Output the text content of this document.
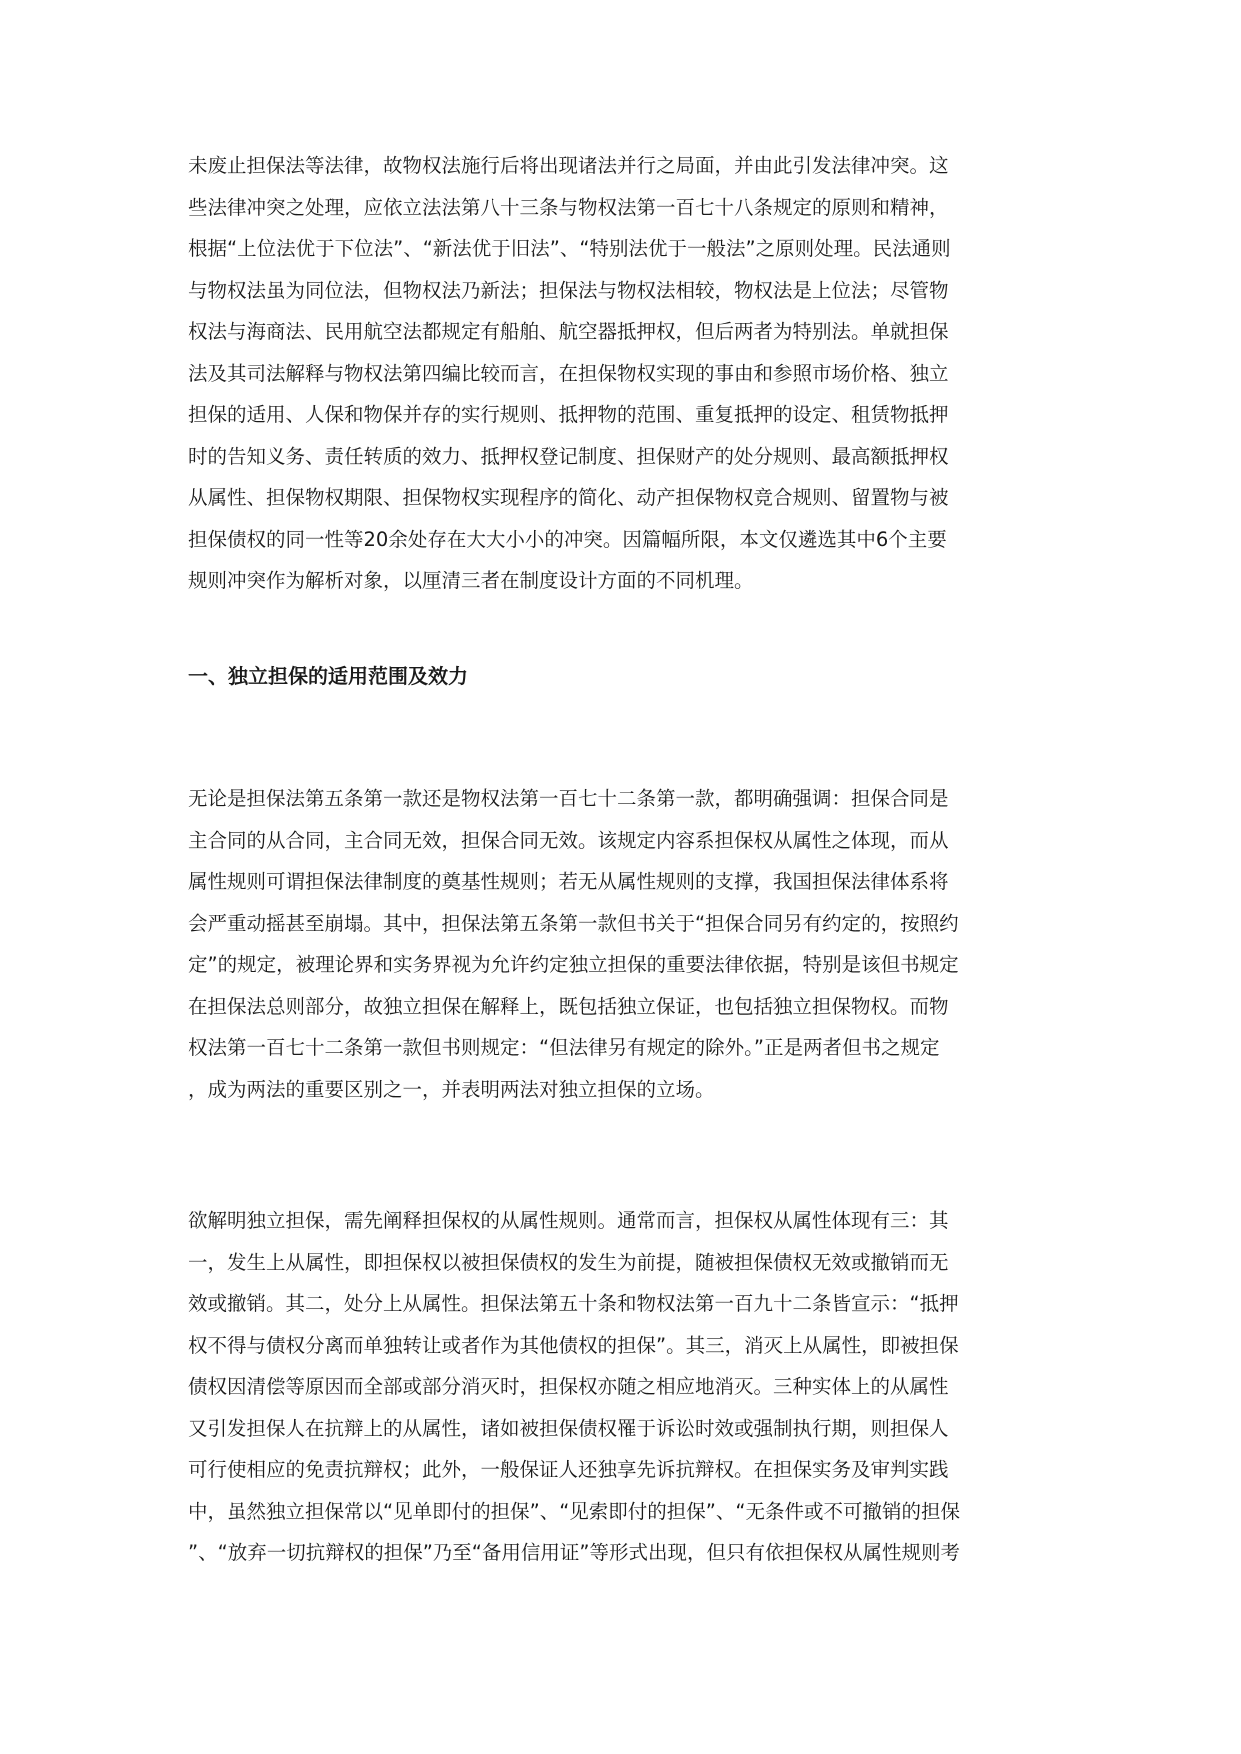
未废止担保法等法律，故物权法施行后将出现诸法并行之局面，并由此引发法律冲突。这
些法律冲突之处理，应依立法法第八十三条与物权法第一百七十八条规定的原则和精神，
根据“上位法优于下位法”、“新法优于旧法”、“特别法优于一般法”之原则处理。民法通则
与物权法虽为同位法，但物权法乃新法；担保法与物权法相较，物权法是上位法；尽管物
权法与海商法、民用航空法都规定有船舶、航空器抵押权，但后两者为特别法。单就担保
法及其司法解释与物权法第四编比较而言，在担保物权实现的事由和参照市场价格、独立
担保的适用、人保和物保并存的实行规则、抵押物的范围、重复抵押的设定、租赁物抵押
时的告知义务、责任转质的效力、抵押权登记制度、担保财产的处分规则、最高额抵押权
从属性、担保物权期限、担保物权实现程序的简化、动产担保物权竞合规则、留置物与被
担保债权的同一性等20余处存在大大小小的冲突。因篇幅所限，本文仅遴选其中6个主要
规则冲突作为解析对象，以厘清三者在制度设计方面的不同机理。

一、独立担保的适用范围及效力

无论是担保法第五条第一款还是物权法第一百七十二条第一款，都明确强调：担保合同是
主合同的从合同，主合同无效，担保合同无效。该规定内容系担保权从属性之体现，而从
属性规则可谓担保法律制度的奠基性规则；若无从属性规则的支撑，我国担保法律体系将
会严重动摇甚至崩塌。其中，担保法第五条第一款但书关于“担保合同另有约定的，按照约
定”的规定，被理论界和实务界视为允许约定独立担保的重要法律依据，特别是该但书规定
在担保法总则部分，故独立担保在解释上，既包括独立保证，也包括独立担保物权。而物
权法第一百七十二条第一款但书则规定：“但法律另有规定的除外。”正是两者但书之规定
，成为两法的重要区别之一，并表明两法对独立担保的立场。

欲解明独立担保，需先阐释担保权的从属性规则。通常而言，担保权从属性体现有三：其
一，发生上从属性，即担保权以被担保债权的发生为前提，随被担保债权无效或撤销而无
效或撤销。其二，处分上从属性。担保法第五十条和物权法第一百九十二条皆宣示：“抵押
权不得与债权分离而单独转让或者作为其他债权的担保”。其三，消灭上从属性，即被担保
债权因清偿等原因而全部或部分消灭时，担保权亦随之相应地消灭。三种实体上的从属性
又引发担保人在抗辩上的从属性，诸如被担保债权罹于诉讼时效或强制执行期，则担保人
可行使相应的免责抗辩权；此外，一般保证人还独享先诉抗辩权。在担保实务及审判实践
中，虽然独立担保常以“见单即付的担保”、“见索即付的担保”、“无条件或不可撤销的担保
”、“放弃一切抗辩权的担保”乃至“备用信用证”等形式出现，但只有依担保权从属性规则考
